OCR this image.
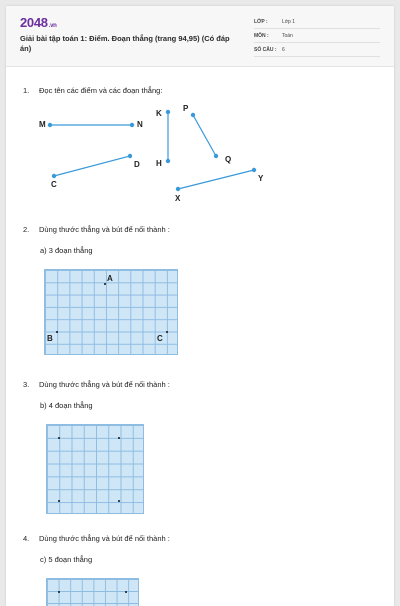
2048.vn
Giải bài tập toán 1: Điểm. Đoạn thẳng (trang 94,95) (Có đáp án)
LỚP :	Lớp 1
MÔN :	Toán
SỐ CÂU : 6
1. Đọc tên các điểm và các đoạn thẳng:
M	N
K
P
H	Q
D
C
X
Y
2. Dùng thước thẳng và bút để nối thành :
a) 3 đoạn thẳng
A
B	C
3. Dùng thước thẳng và bút để nối thành :
b) 4 đoạn thẳng
4. Dùng thước thẳng và bút để nối thành :
c) 5 đoạn thẳng
